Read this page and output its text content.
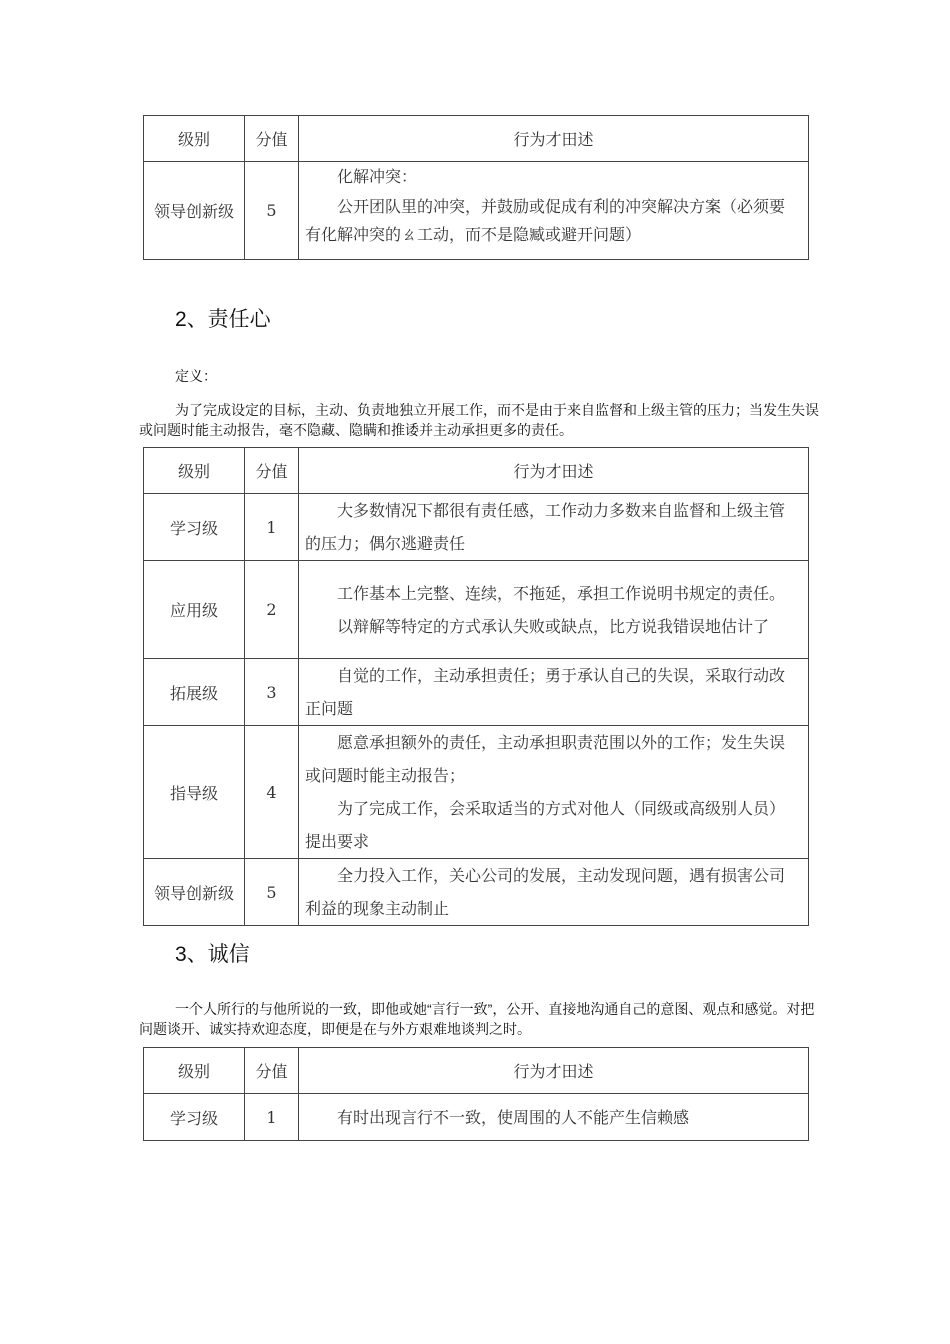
级别	分值	行为才田述
领导创新级	5	化解冲突：

公开团队里的冲突，并鼓励或促成有利的冲突解决方案（必须要

有化解冲突的ㄠ工动，而不是隐臧或避开问题）

2、责任心
定义：

为了完成设定的目标，主动、负责地独立开展工作，而不是由于来自监督和上级主管的压力；当发生失误或问题时能主动报告，毫不隐藏、隐瞒和推诿并主动承担更多的责任。

级别	分值	行为才田述
学习级	1	大多数情况下都很有责任感，工作动力多数来自监督和上级主管的压力；偶尔逃避责任

应用级	2	工作基本上完整、连续，不拖延，承担工作说明书规定的责任。

以辩解等特定的方式承认失败或缺点，比方说我错误地估计了

拓展级	3	自觉的工作，主动承担责任；勇于承认自己的失误，采取行动改正问题

指导级	4	愿意承担额外的责任，主动承担职责范围以外的工作；发生失误或问题时能主动报告；

为了完成工作，会采取适当的方式对他人（同级或高级别人员）提出要求

领导创新级	5	全力投入工作，关心公司的发展，主动发现问题，遇有损害公司利益的现象主动制止

3、诚信

一个人所行的与他所说的一致，即他或她“言行一致”，公开、直接地沟通自己的意图、观点和感觉。对把问题谈开、诚实持欢迎态度，即便是在与外方艰难地谈判之时。

级别	分值	行为才田述
学习级	1	有时出现言行不一致，使周围的人不能产生信赖感
